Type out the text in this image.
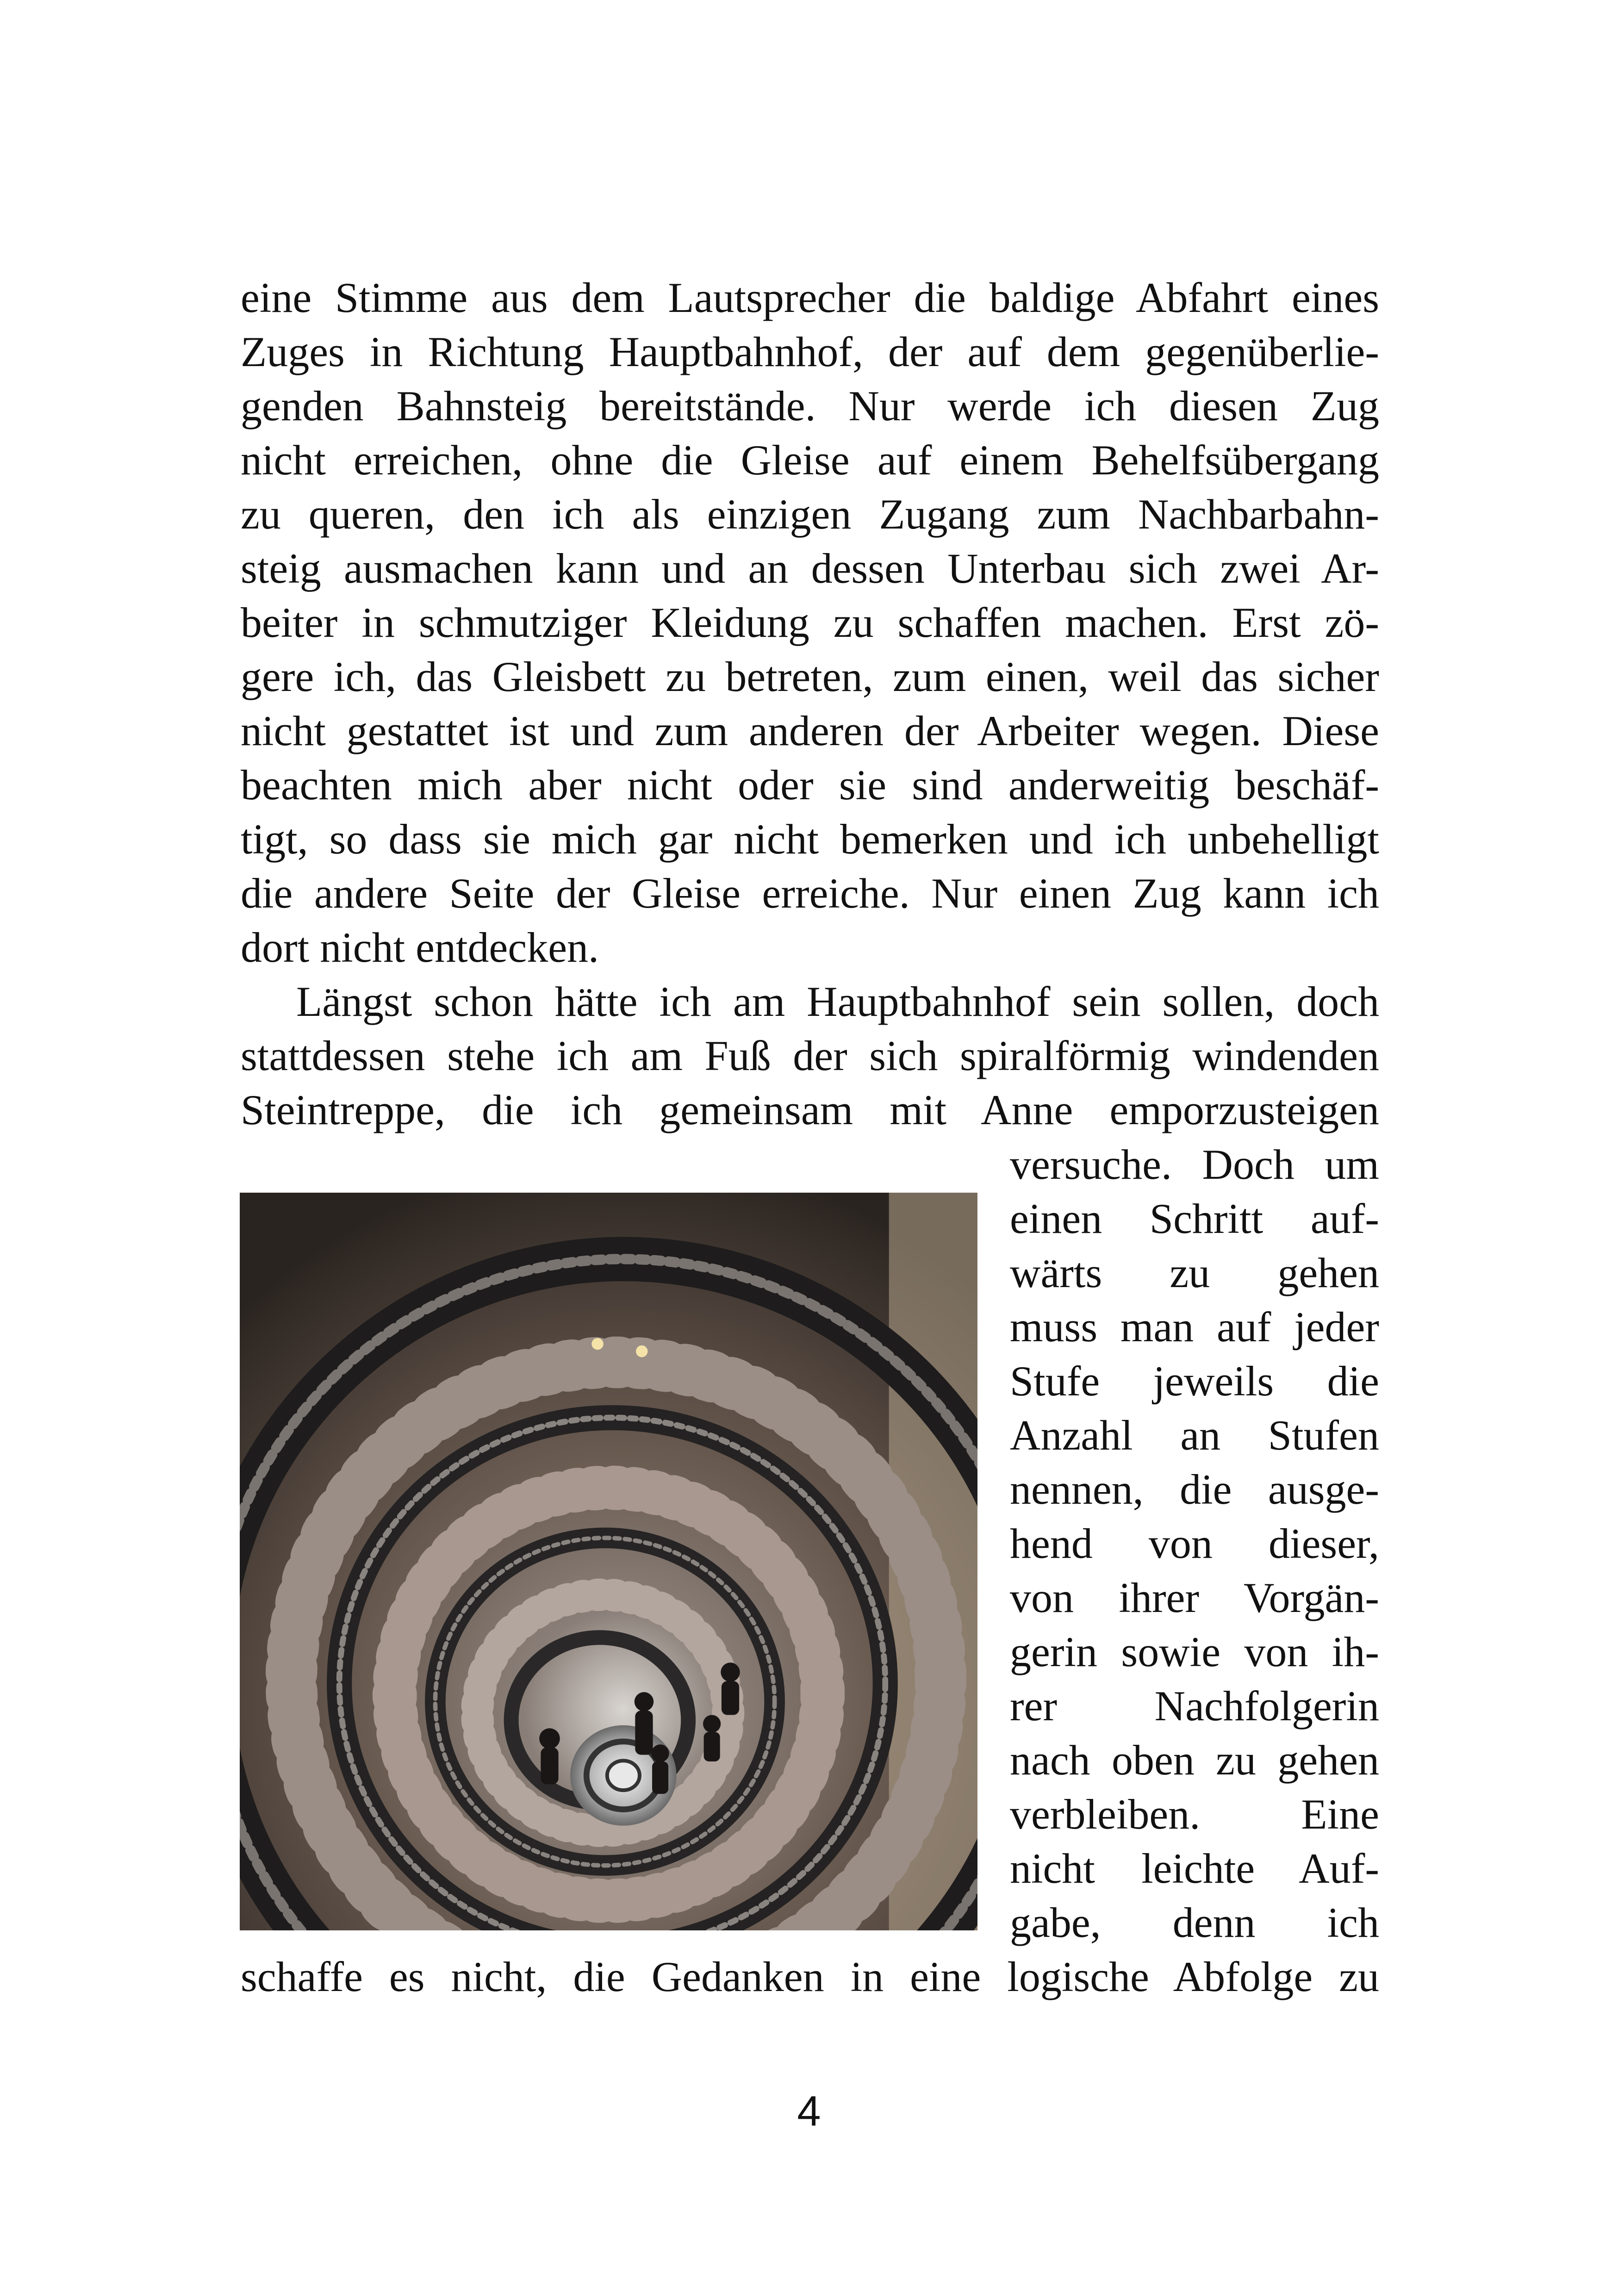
eine Stimme aus dem Lautsprecher die baldige Abfahrt eines
Zuges in Richtung Hauptbahnhof, der auf dem gegenüberlie-
genden Bahnsteig bereitstände. Nur werde ich diesen Zug
nicht erreichen, ohne die Gleise auf einem Behelfsübergang
zu queren, den ich als einzigen Zugang zum Nachbarbahn-
steig ausmachen kann und an dessen Unterbau sich zwei Ar-
beiter in schmutziger Kleidung zu schaffen machen. Erst zö-
gere ich, das Gleisbett zu betreten, zum einen, weil das sicher
nicht gestattet ist und zum anderen der Arbeiter wegen. Diese
beachten mich aber nicht oder sie sind anderweitig beschäf-
tigt, so dass sie mich gar nicht bemerken und ich unbehelligt
die andere Seite der Gleise erreiche. Nur einen Zug kann ich
dort nicht entdecken.
Längst schon hätte ich am Hauptbahnhof sein sollen, doch
stattdessen stehe ich am Fuß der sich spiralförmig windenden
Steintreppe, die ich gemeinsam mit Anne emporzusteigen
versuche. Doch um
einen Schritt auf-
wärts zu gehen
muss man auf jeder
Stufe jeweils die
Anzahl an Stufen
nennen, die ausge-
hend von dieser,
von ihrer Vorgän-
gerin sowie von ih-
rer Nachfolgerin
nach oben zu gehen
verbleiben. Eine
nicht leichte Auf-
gabe, denn ich
schaffe es nicht, die Gedanken in eine logische Abfolge zu
4
